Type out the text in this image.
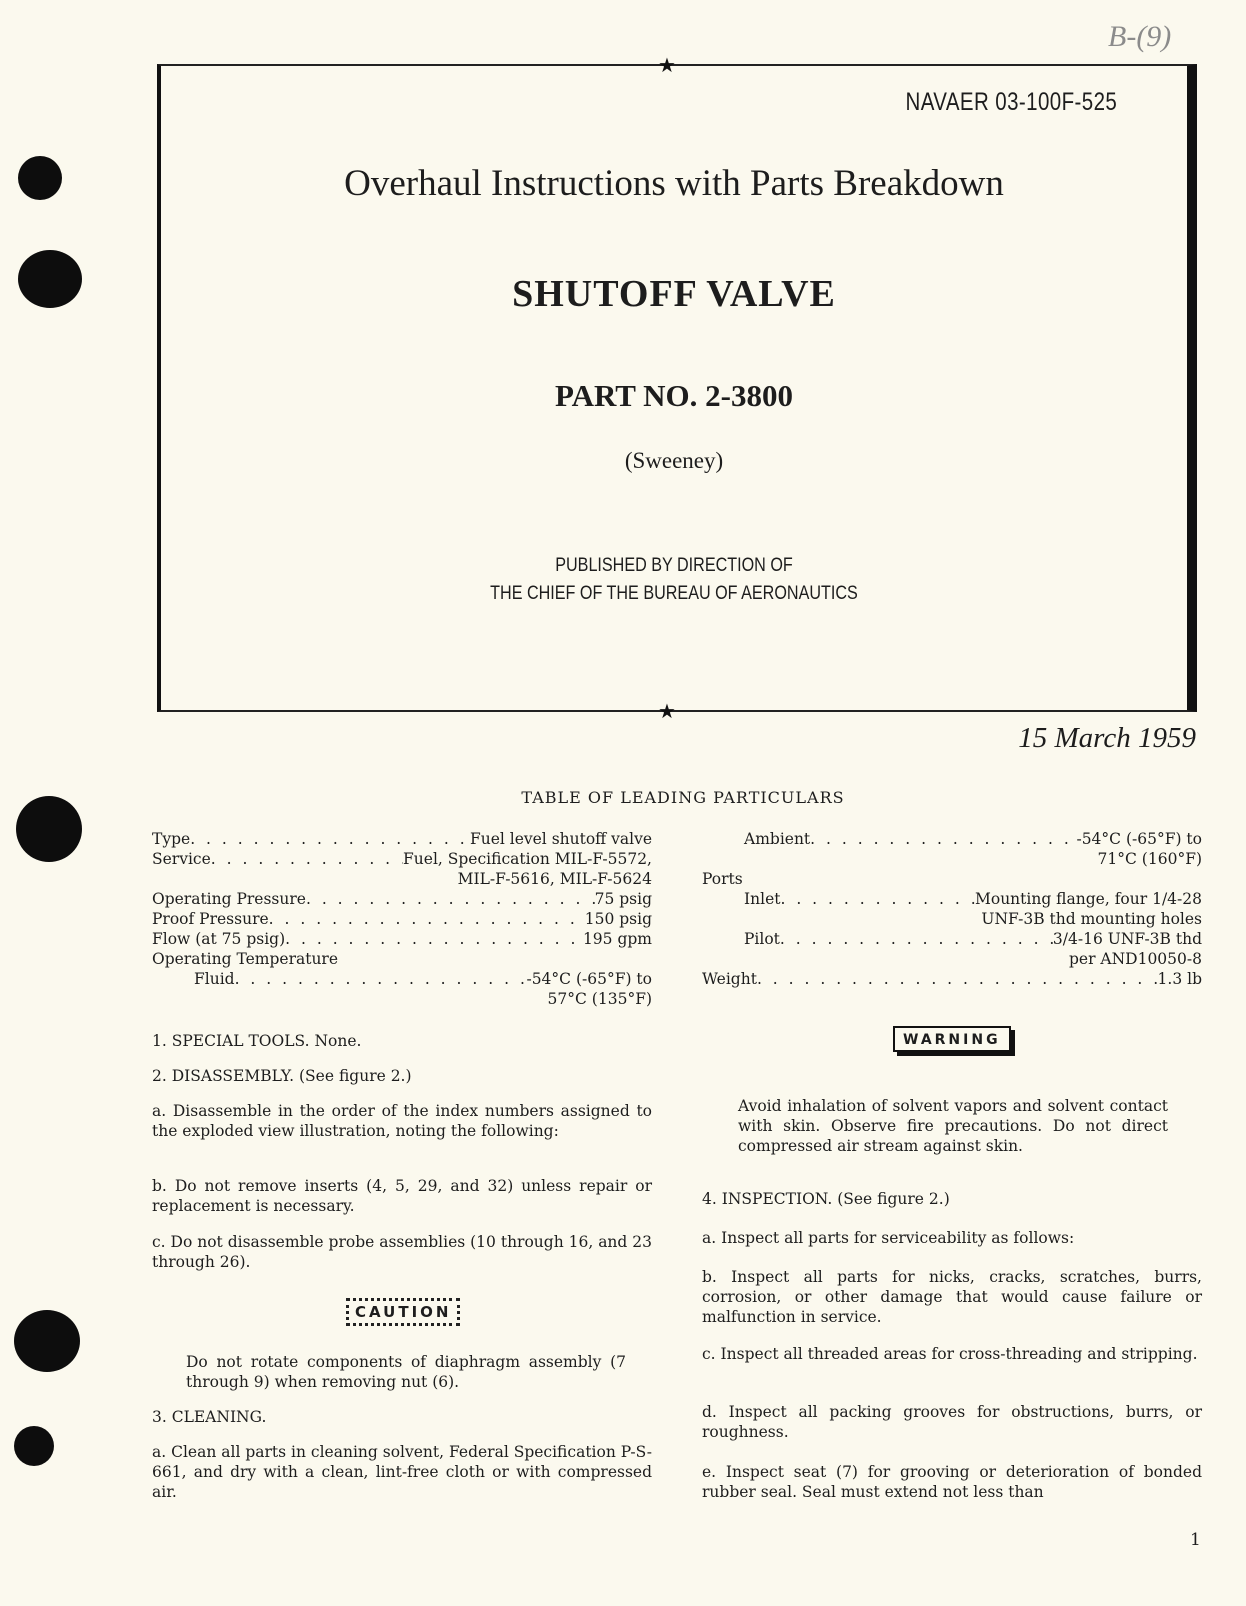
B-(9)
★
NAVAER 03-100F-525
Overhaul Instructions with Parts Breakdown
SHUTOFF VALVE
PART NO. 2-3800
(Sweeney)
PUBLISHED BY DIRECTION OF
THE CHIEF OF THE BUREAU OF AERONAUTICS
★
15 March 1959
TABLE OF LEADING PARTICULARS
Type . . .	Fuel level shutoff valve
Service . . .	Fuel, Specification MIL-F-5572,
MIL-F-5616, MIL-F-5624
Operating Pressure . . .	75 psig
Proof Pressure . . .	150 psig
Flow (at 75 psig) . . .	195 gpm
Operating Temperature
Fluid . . .	-54°C (-65°F) to
57°C (135°F)
Ambient . . .	-54°C (-65°F) to
71°C (160°F)
Ports
Inlet . . .	Mounting flange, four 1/4-28
UNF-3B thd mounting holes
Pilot . . .	3/4-16 UNF-3B thd
per AND10050-8
Weight . . .	1.3 lb
1. SPECIAL TOOLS. None.
2. DISASSEMBLY. (See figure 2.)
a. Disassemble in the order of the index numbers assigned to the exploded view illustration, noting the following:
b. Do not remove inserts (4, 5, 29, and 32) unless repair or replacement is necessary.
c. Do not disassemble probe assemblies (10 through 16, and 23 through 26).
CAUTION
Do not rotate components of diaphragm assembly (7 through 9) when removing nut (6).
3. CLEANING.
a. Clean all parts in cleaning solvent, Federal Specification P-S-661, and dry with a clean, lint-free cloth or with compressed air.
WARNING
Avoid inhalation of solvent vapors and solvent contact with skin. Observe fire precautions. Do not direct compressed air stream against skin.
4. INSPECTION. (See figure 2.)
a. Inspect all parts for serviceability as follows:
b. Inspect all parts for nicks, cracks, scratches, burrs, corrosion, or other damage that would cause failure or malfunction in service.
c. Inspect all threaded areas for cross-threading and stripping.
d. Inspect all packing grooves for obstructions, burrs, or roughness.
e. Inspect seat (7) for grooving or deterioration of bonded rubber seal. Seal must extend not less than
1
